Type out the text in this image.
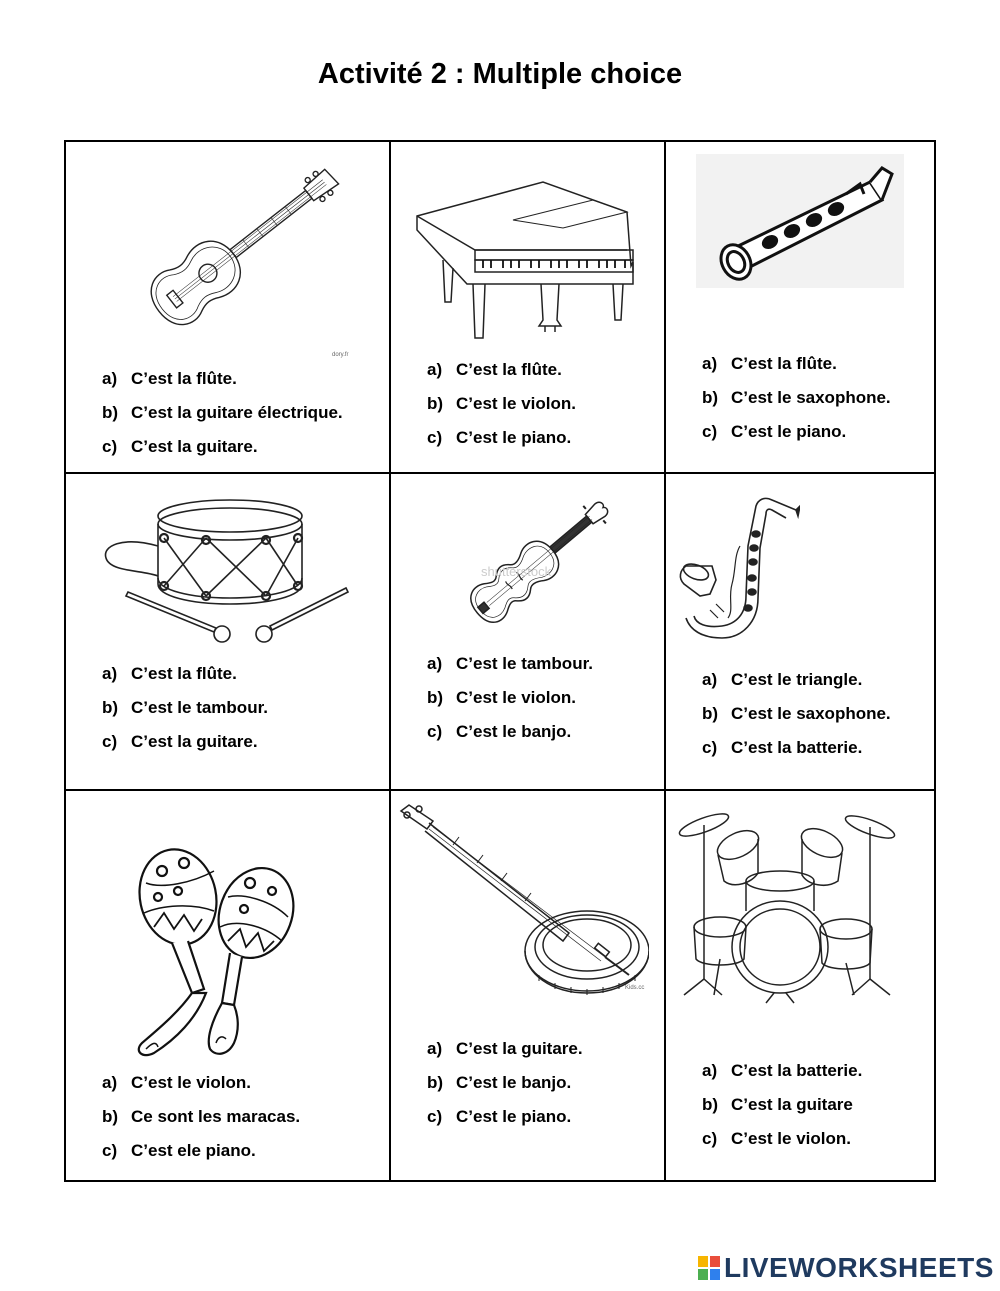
Activité 2 : Multiple choice
dory.fr
a) C’est la flûte.
b) C’est la guitare électrique.
c) C’est la guitare.
a) C’est la flûte.
b) C’est le violon.
c) C’est le piano.
a) C’est la flûte.
b) C’est le saxophone.
c) C’est le piano.
a) C’est la flûte.
b) C’est le tambour.
c) C’est la guitare.
shutterstock
a) C’est le tambour.
b) C’est le violon.
c) C’est le banjo.
a) C’est le triangle.
b) C’est le saxophone.
c) C’est la batterie.
a) C’est le violon.
b) Ce sont les maracas.
c) C’est ele piano.
Kids.cc
a) C’est la guitare.
b) C’est le banjo.
c) C’est le piano.
a) C’est la batterie.
b) C’est la guitare
c) C’est le violon.
LIVEWORKSHEETS
